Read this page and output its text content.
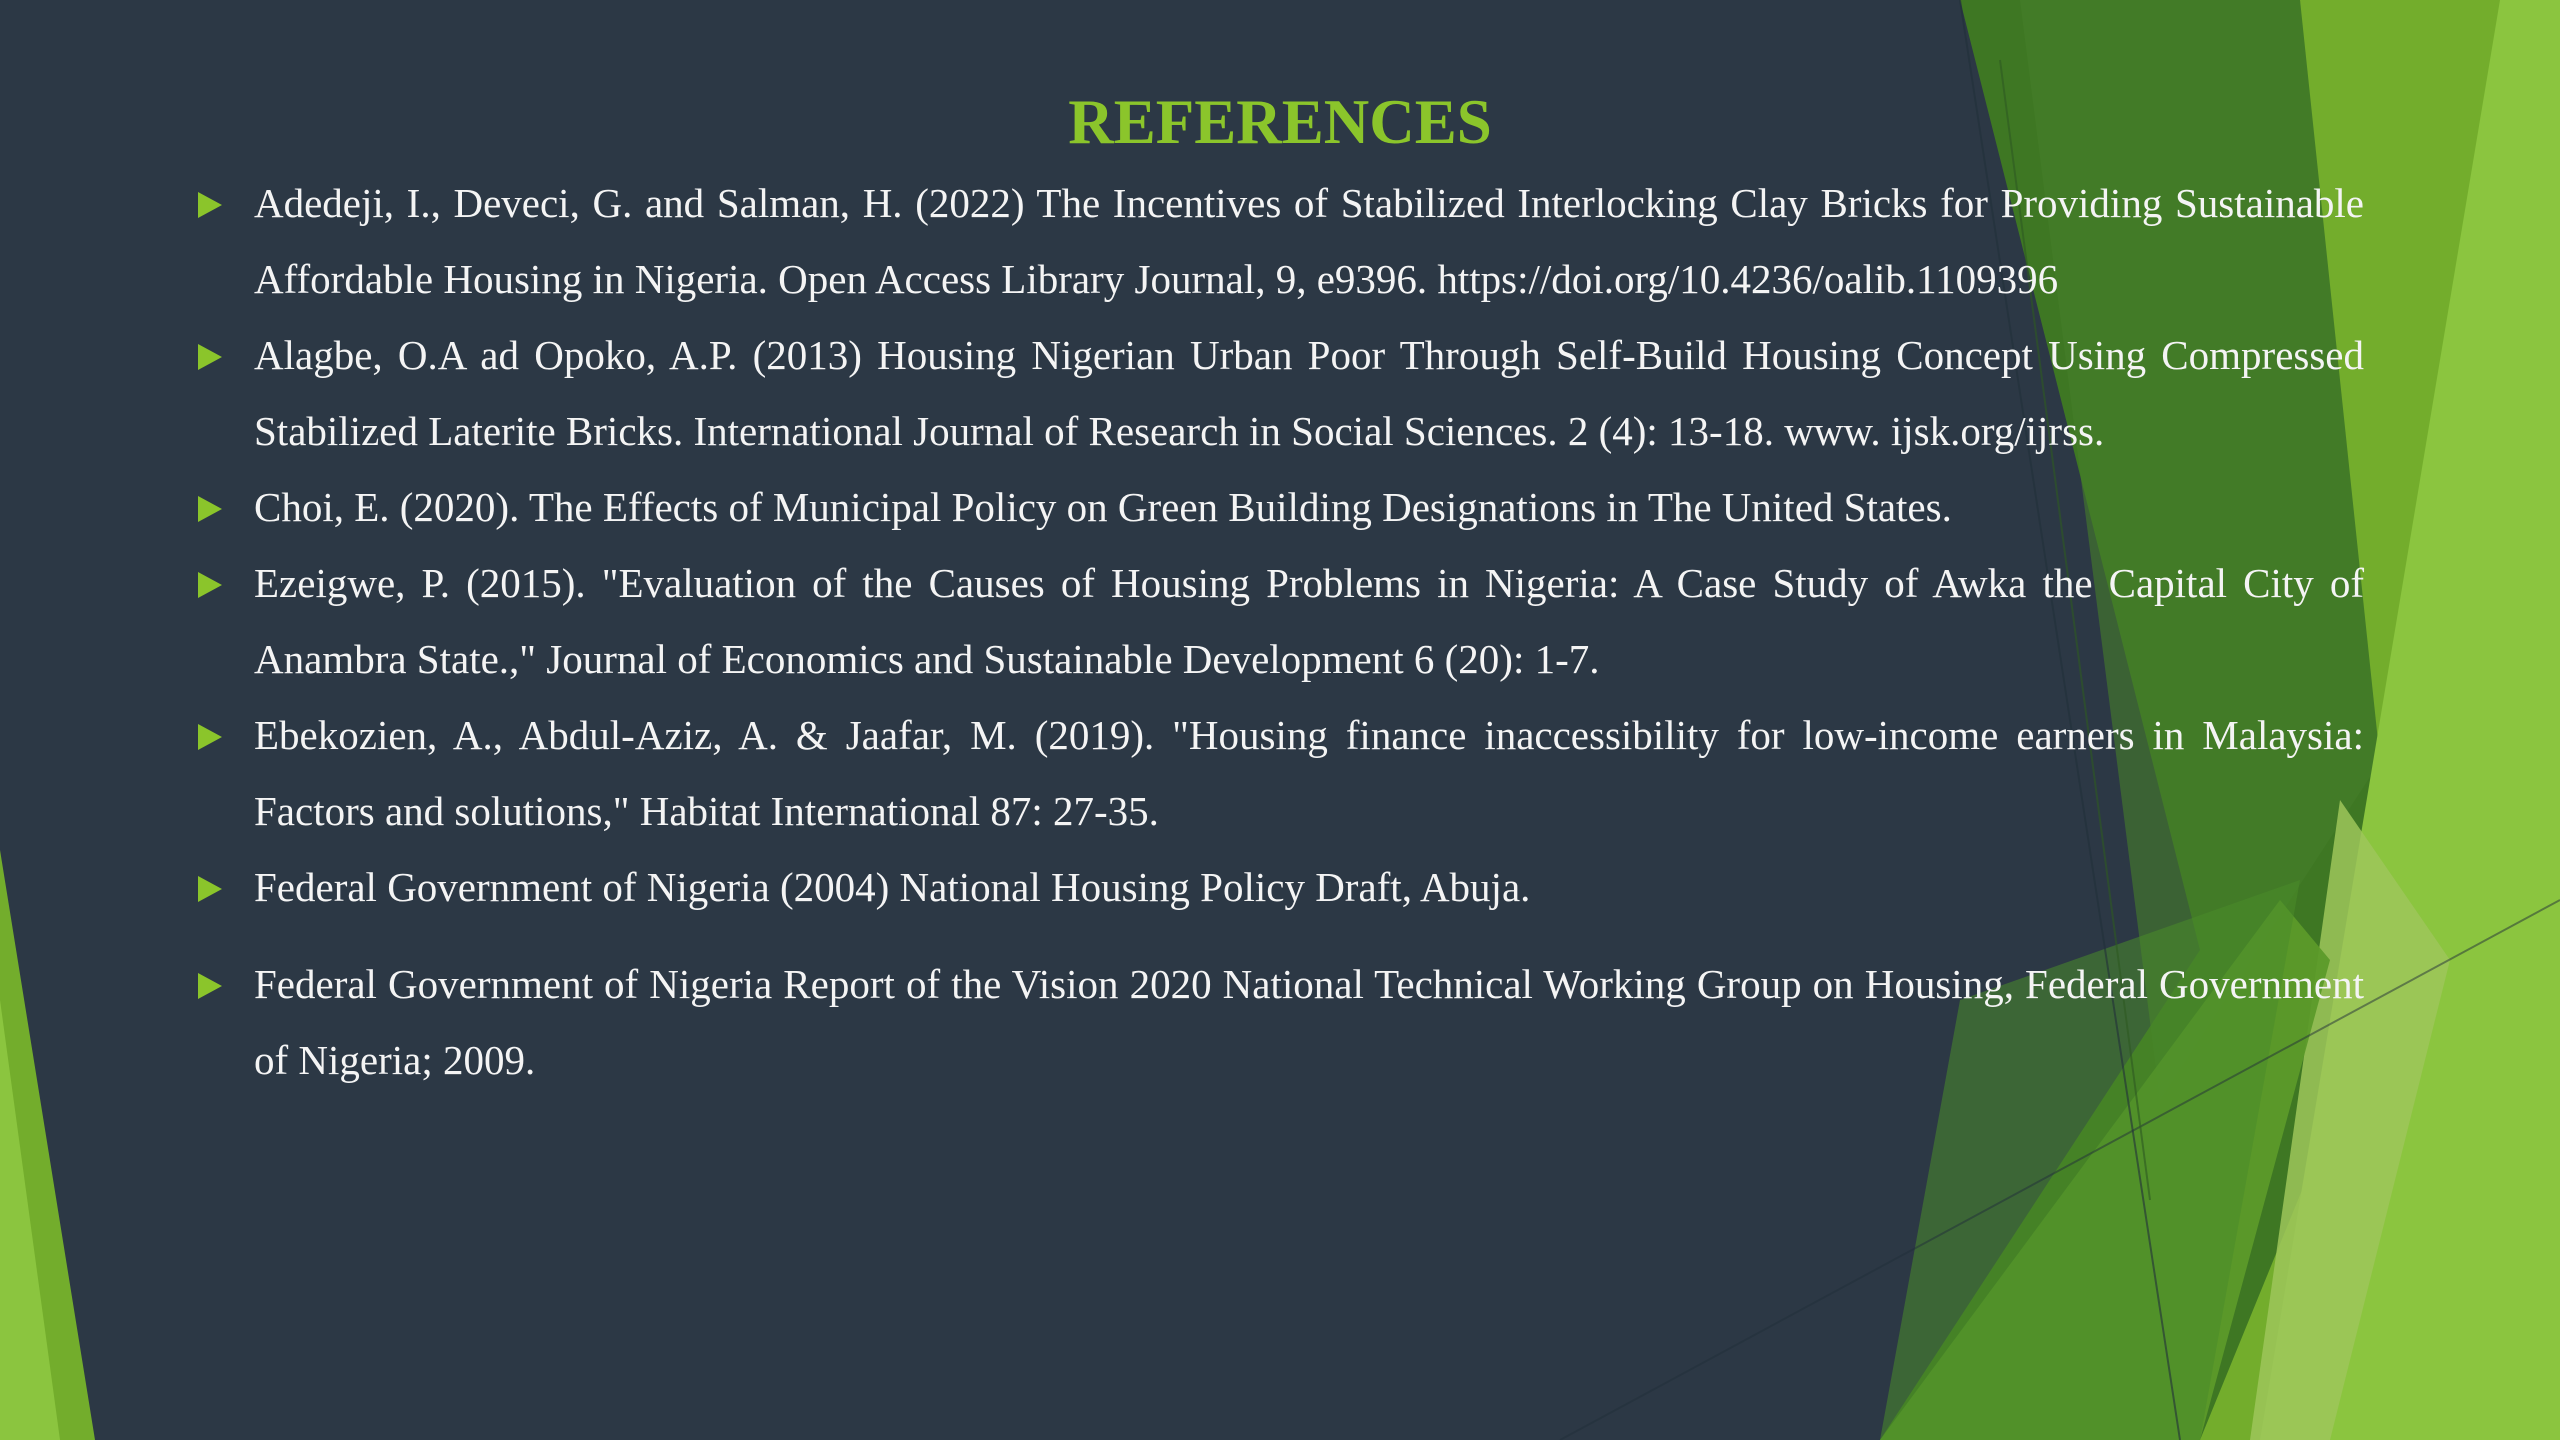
REFERENCES
Adedeji, I., Deveci, G. and Salman, H. (2022) The Incentives of Stabilized Interlocking Clay Bricks for Providing Sustainable Affordable Housing in Nigeria. Open Access Library Journal, 9, e9396. https://doi.org/10.4236/oalib.1109396
Alagbe, O.A ad Opoko, A.P. (2013) Housing Nigerian Urban Poor Through Self-Build Housing Concept Using Compressed Stabilized Laterite Bricks. International Journal of Research in Social Sciences. 2 (4): 13-18. www. ijsk.org/ijrss.
Choi, E. (2020). The Effects of Municipal Policy on Green Building Designations in The United States.
Ezeigwe, P. (2015). "Evaluation of the Causes of Housing Problems in Nigeria: A Case Study of Awka the Capital City of Anambra State.," Journal of Economics and Sustainable Development 6 (20): 1-7.
Ebekozien, A., Abdul-Aziz, A. & Jaafar, M. (2019). "Housing finance inaccessibility for low-income earners in Malaysia: Factors and solutions," Habitat International 87: 27-35.
Federal Government of Nigeria (2004) National Housing Policy Draft, Abuja.
Federal Government of Nigeria Report of the Vision 2020 National Technical Working Group on Housing, Federal Government of Nigeria; 2009.
